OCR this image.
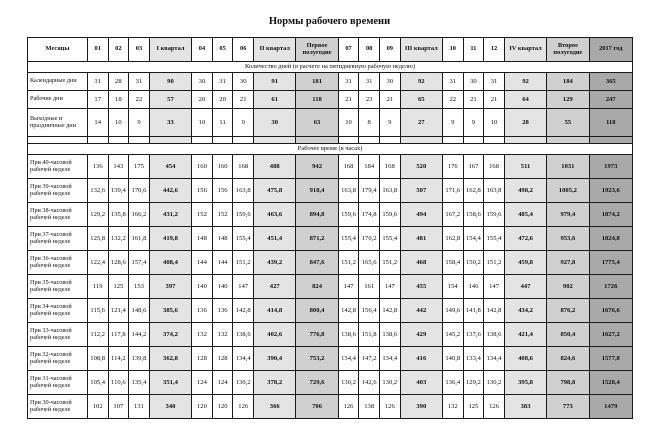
Нормы рабочего времени
Месяцы	01	02	03	I квартал	04	05	06	II квартал	Первое полугодие	07	08	09	III квартал	10	11	12	IV квартал	Второе полугодие	2017 год
Количество дней (в расчете на пятидневную рабочую неделю)																			
Календарные дни	31	28	31	90	30	31	30	91	181	31	31	30	92	31	30	31	92	184	365
Рабочие дни	17	18	22	57	20	20	21	61	118	21	23	21	65	22	21	21	64	129	247
Выходные и праздничные дни	14	10	9	33	10	11	9	30	63	10	8	9	27	9	9	10	28	55	118

Рабочее время (в часах)																			
При 40-часовой рабочей неделе	136	143	175	454	160	160	168	488	942	168	184	168	520	176	167	168	511	1031	1973
При 39-часовой рабочей неделе	132,6	139,4	170,6	442,6	156	156	163,8	475,8	918,4	163,8	179,4	163,8	507	171,6	162,8	163,8	498,2	1005,2	1923,6
При 38-часовой рабочей неделе	129,2	135,8	166,2	431,2	152	152	159,6	463,6	894,8	159,6	174,8	159,6	494	167,2	158,6	159,6	485,4	979,4	1874,2
При 37-часовой рабочей неделе	125,8	132,2	161,8	419,8	148	148	155,4	451,4	871,2	155,4	170,2	155,4	481	162,8	154,4	155,4	472,6	953,6	1824,8
При 36-часовой рабочей неделе	122,4	128,6	157,4	408,4	144	144	151,2	439,2	847,6	151,2	165,6	151,2	468	158,4	150,2	151,2	459,8	927,8	1775,4
При 35-часовой рабочей неделе	119	125	153	397	140	140	147	427	824	147	161	147	455	154	146	147	447	902	1726
При 34-часовой рабочей неделе	115,6	121,4	148,6	385,6	136	136	142,8	414,8	800,4	142,8	156,4	142,8	442	149,6	141,8	142,8	434,2	876,2	1676,6
При 33-часовой рабочей неделе	112,2	117,8	144,2	374,2	132	132	138,6	402,6	776,8	138,6	151,8	138,6	429	145,2	137,6	138,6	421,4	850,4	1627,2
При 32-часовой рабочей неделе	108,8	114,2	139,8	362,8	128	128	134,4	390,4	753,2	134,4	147,2	134,4	416	140,8	133,4	134,4	408,6	824,6	1577,8
При 31-часовой рабочей неделе	105,4	110,6	135,4	351,4	124	124	130,2	378,2	729,6	130,2	142,6	130,2	403	136,4	129,2	130,2	395,8	798,8	1528,4
При 30-часовой рабочей неделе	102	107	131	340	120	120	126	366	706	126	138	126	390	132	125	126	383	773	1479
